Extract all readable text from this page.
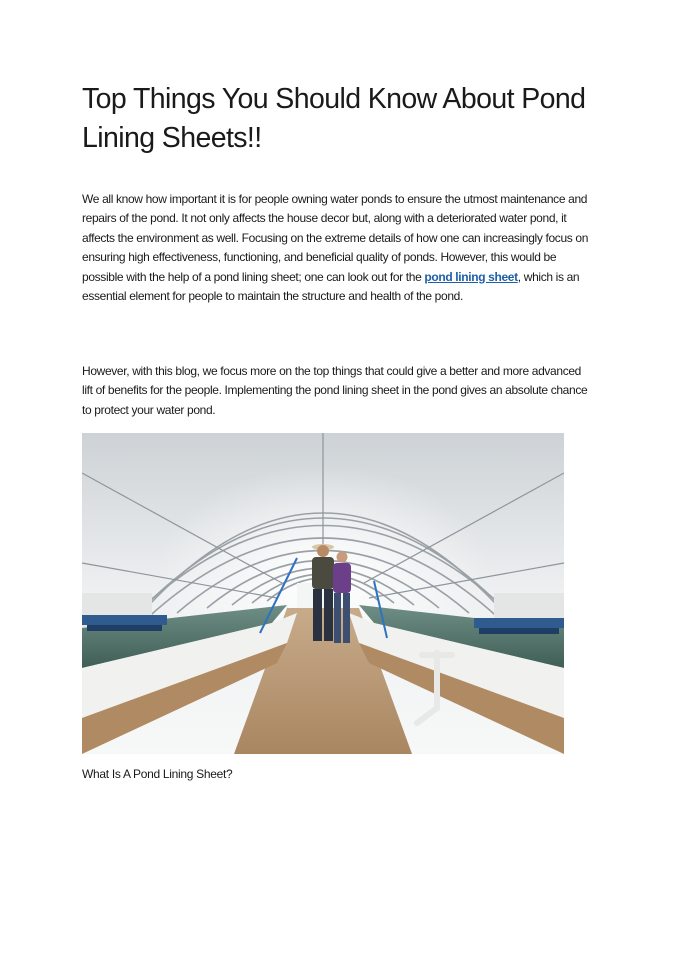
Top Things You Should Know About Pond Lining Sheets!!

We all know how important it is for people owning water ponds to ensure the utmost maintenance and repairs of the pond. It not only affects the house decor but, along with a deteriorated water pond, it affects the environment as well. Focusing on the extreme details of how one can increasingly focus on ensuring high effectiveness, functioning, and beneficial quality of ponds. However, this would be possible with the help of a pond lining sheet; one can look out for the pond lining sheet, which is an essential element for people to maintain the structure and health of the pond.

However, with this blog, we focus more on the top things that could give a better and more advanced lift of benefits for the people. Implementing the pond lining sheet in the pond gives an absolute chance to protect your water pond.

What Is A Pond Lining Sheet?
